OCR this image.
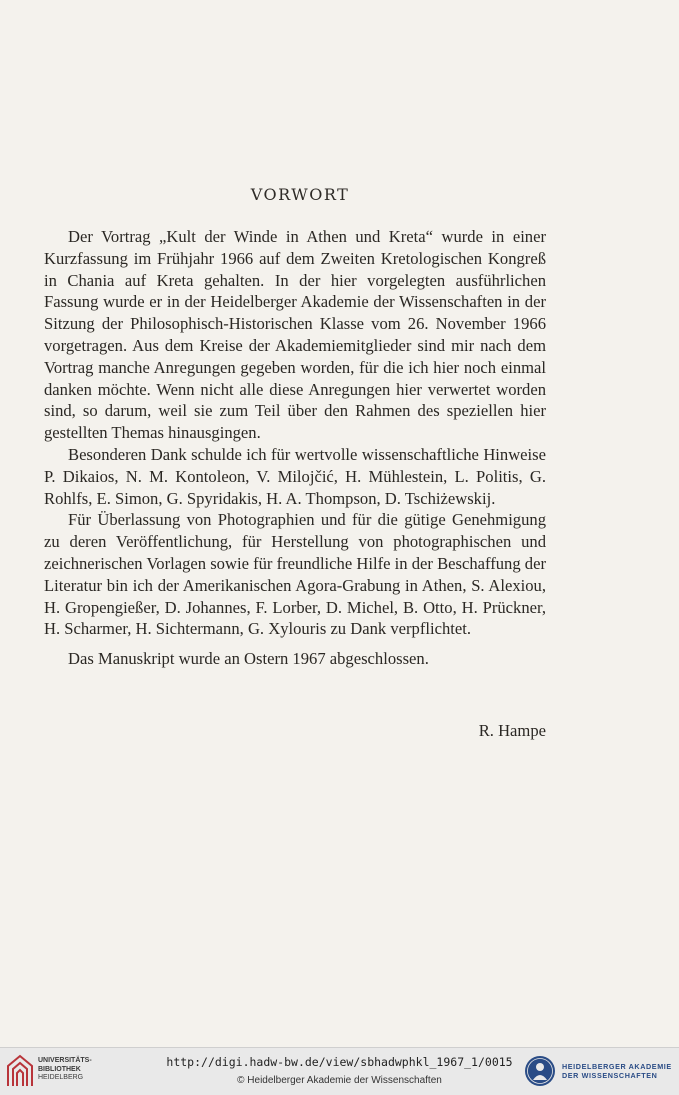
VORWORT

Der Vortrag „Kult der Winde in Athen und Kreta“ wurde in einer Kurzfassung im Frühjahr 1966 auf dem Zweiten Kretologischen Kongreß in Chania auf Kreta gehalten. In der hier vorgelegten ausführlichen Fassung wurde er in der Heidelberger Akademie der Wissenschaften in der Sitzung der Philosophisch-Historischen Klasse vom 26. November 1966 vorgetragen. Aus dem Kreise der Akademiemitglieder sind mir nach dem Vortrag manche Anregungen gegeben worden, für die ich hier noch einmal danken möchte. Wenn nicht alle diese Anregungen hier verwertet worden sind, so darum, weil sie zum Teil über den Rahmen des speziellen hier gestellten Themas hinausgingen.

Besonderen Dank schulde ich für wertvolle wissenschaftliche Hinweise P. Dikaios, N. M. Kontoleon, V. Milojčić, H. Mühlestein, L. Politis, G. Rohlfs, E. Simon, G. Spyridakis, H. A. Thompson, D. Tschiżewskij.

Für Überlassung von Photographien und für die gütige Genehmigung zu deren Veröffentlichung, für Herstellung von photographischen und zeichnerischen Vorlagen sowie für freundliche Hilfe in der Beschaffung der Literatur bin ich der Amerikanischen Agora-Grabung in Athen, S. Alexiou, H. Gropengießer, D. Johannes, F. Lorber, D. Michel, B. Otto, H. Prückner, H. Scharmer, H. Sichtermann, G. Xylouris zu Dank verpflichtet.

Das Manuskript wurde an Ostern 1967 abgeschlossen.

R. Hampe
UNIVERSITÄTS-
BIBLIOTHEK
HEIDELBERG
http://digi.hadw-bw.de/view/sbhadwphkl_1967_1/0015
© Heidelberger Akademie der Wissenschaften
HEIDELBERGER AKADEMIE
DER WISSENSCHAFTEN
